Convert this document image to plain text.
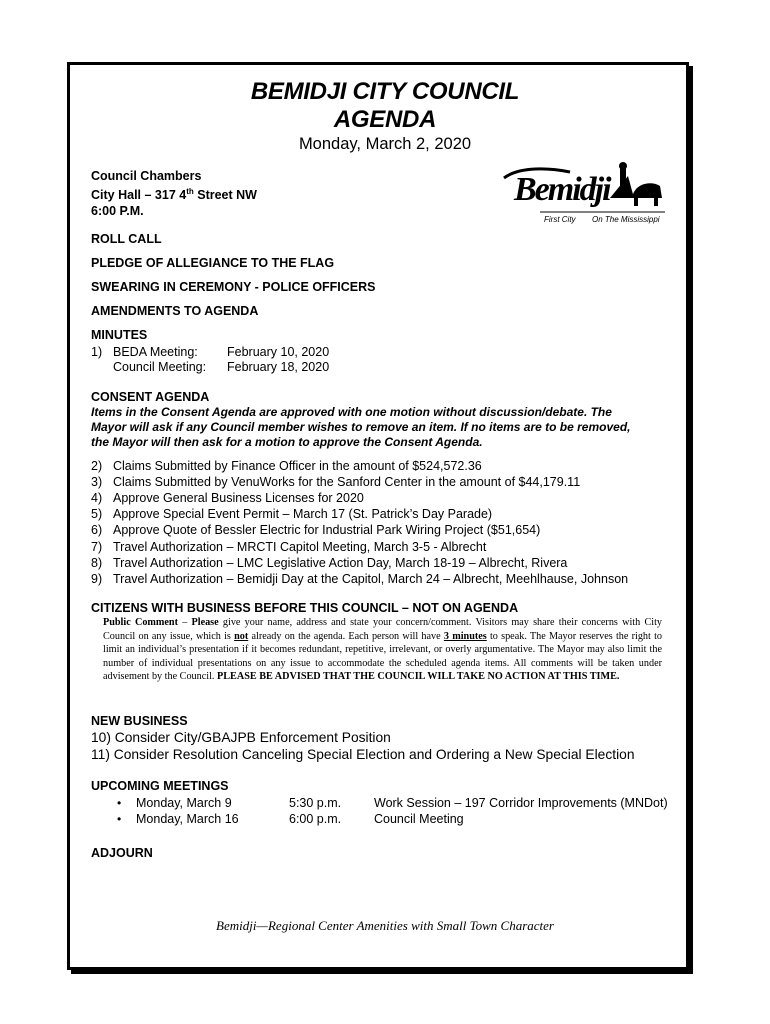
BEMIDJI CITY COUNCIL
AGENDA
Monday, March 2, 2020
Council Chambers
City Hall – 317 4th Street NW
6:00 P.M.
Bemidji
First City On The Mississippi
ROLL CALL
PLEDGE OF ALLEGIANCE TO THE FLAG
SWEARING IN CEREMONY - POLICE OFFICERS
AMENDMENTS TO AGENDA
MINUTES
1) BEDA Meeting: February 10, 2020
Council Meeting: February 18, 2020
CONSENT AGENDA
Items in the Consent Agenda are approved with one motion without discussion/debate. The
Mayor will ask if any Council member wishes to remove an item. If no items are to be removed,
the Mayor will then ask for a motion to approve the Consent Agenda.
2) Claims Submitted by Finance Officer in the amount of $524,572.36
3) Claims Submitted by VenuWorks for the Sanford Center in the amount of $44,179.11
4) Approve General Business Licenses for 2020
5) Approve Special Event Permit – March 17 (St. Patrick’s Day Parade)
6) Approve Quote of Bessler Electric for Industrial Park Wiring Project ($51,654)
7) Travel Authorization – MRCTI Capitol Meeting, March 3-5 - Albrecht
8) Travel Authorization – LMC Legislative Action Day, March 18-19 – Albrecht, Rivera
9) Travel Authorization – Bemidji Day at the Capitol, March 24 – Albrecht, Meehlhause, Johnson
CITIZENS WITH BUSINESS BEFORE THIS COUNCIL – NOT ON AGENDA
Public Comment – Please give your name, address and state your concern/comment. Visitors may share their concerns with City Council on any issue, which is not already on the agenda. Each person will have 3 minutes to speak. The Mayor reserves the right to limit an individual’s presentation if it becomes redundant, repetitive, irrelevant, or overly argumentative. The Mayor may also limit the number of individual presentations on any issue to accommodate the scheduled agenda items. All comments will be taken under advisement by the Council. PLEASE BE ADVISED THAT THE COUNCIL WILL TAKE NO ACTION AT THIS TIME.
NEW BUSINESS
10) Consider City/GBAJPB Enforcement Position
11) Consider Resolution Canceling Special Election and Ordering a New Special Election
UPCOMING MEETINGS
• Monday, March 9	5:30 p.m.	Work Session – 197 Corridor Improvements (MNDot)
• Monday, March 16	6:00 p.m.	Council Meeting
ADJOURN
Bemidji—Regional Center Amenities with Small Town Character
